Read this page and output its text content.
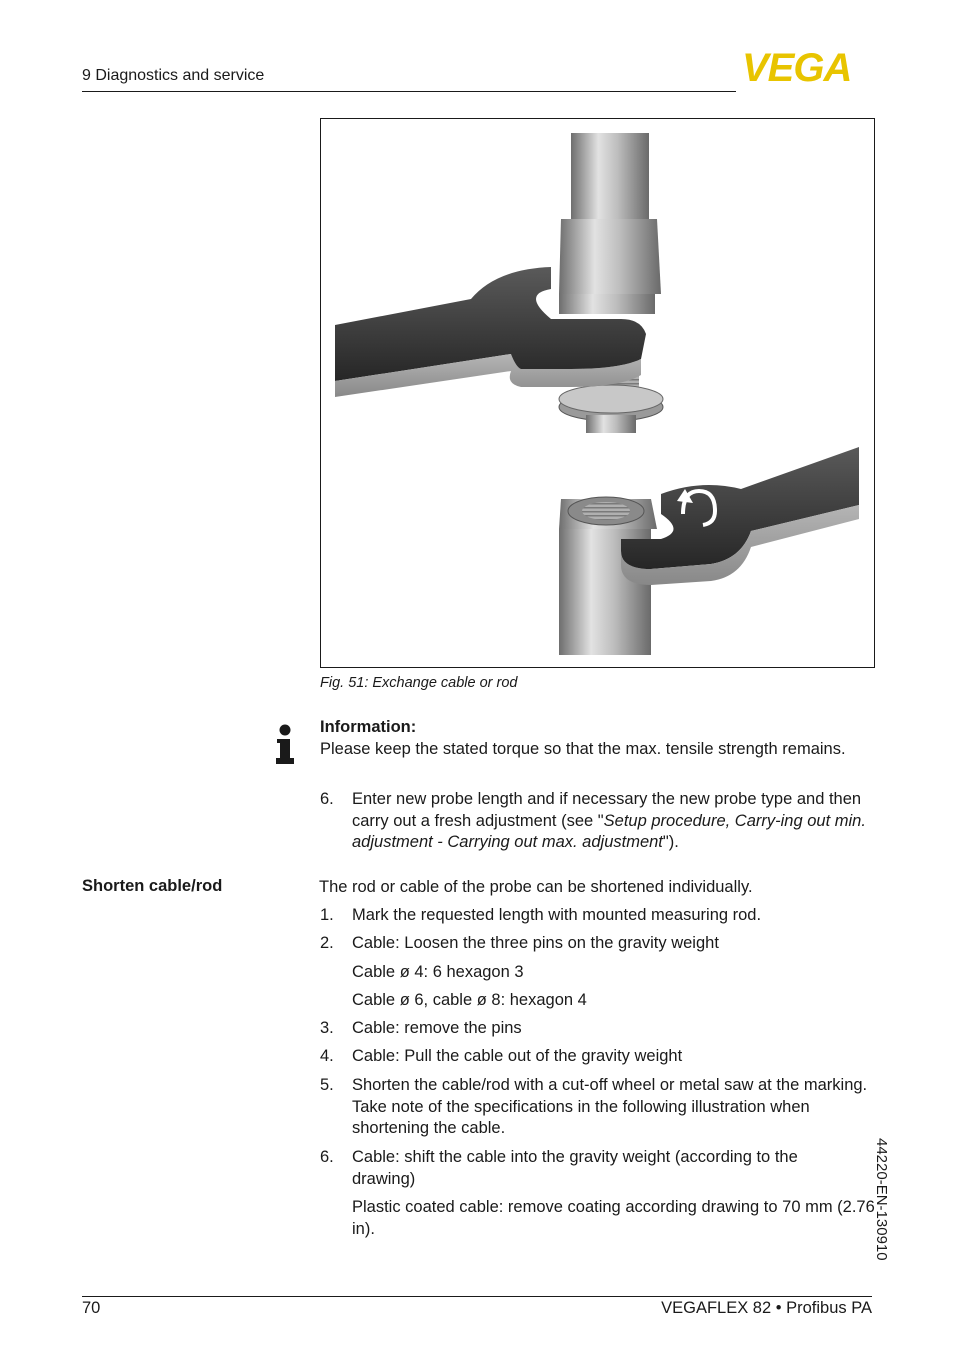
9 Diagnostics and service	VEGA
Fig. 51: Exchange cable or rod
Information:
Please keep the stated torque so that the max. tensile strength remains.
6. Enter new probe length and if necessary the new probe type and then carry out a fresh adjustment (see "Setup procedure, Carry-ing out min. adjustment - Carrying out max. adjustment").
Shorten cable/rod	The rod or cable of the probe can be shortened individually.
1. Mark the requested length with mounted measuring rod.
2. Cable: Loosen the three pins on the gravity weight
Cable ø 4: 6 hexagon 3
Cable ø 6, cable ø 8: hexagon 4
3. Cable: remove the pins
4. Cable: Pull the cable out of the gravity weight
5. Shorten the cable/rod with a cut-off wheel or metal saw at the marking. Take note of the specifications in the following illustration when shortening the cable.
6. Cable: shift the cable into the gravity weight (according to the drawing)
Plastic coated cable: remove coating according drawing to 70 mm (2.76 in).	44220-EN-130910
70	VEGAFLEX 82 • Profibus PA
